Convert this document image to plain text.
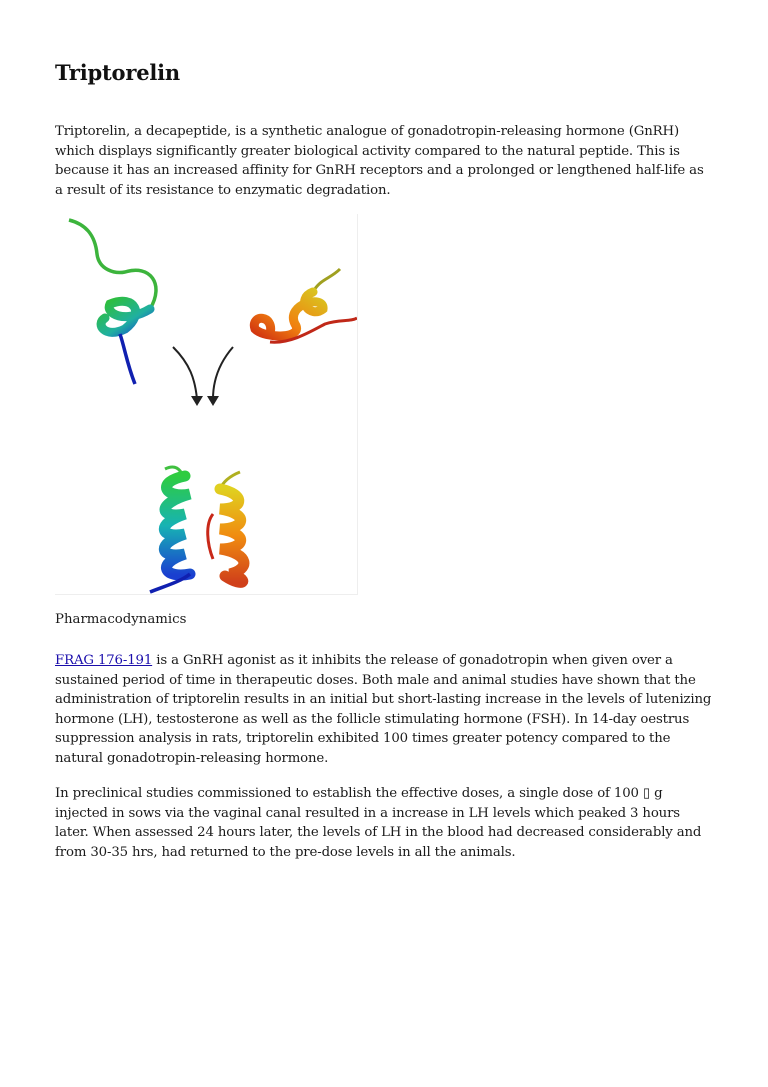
Triptorelin

Triptorelin, a decapeptide, is a synthetic analogue of gonadotropin-releasing hormone (GnRH) which displays significantly greater biological activity compared to the natural peptide. This is because it has an increased affinity for GnRH receptors and a prolonged or lengthened half-life as a result of its resistance to enzymatic degradation.

Pharmacodynamics

FRAG 176-191 is a GnRH agonist as it inhibits the release of gonadotropin when given over a sustained period of time in therapeutic doses. Both male and animal studies have shown that the administration of triptorelin results in an initial but short-lasting increase in the levels of lutenizing hormone (LH), testosterone as well as the follicle stimulating hormone (FSH). In 14-day oestrus suppression analysis in rats, triptorelin exhibited 100 times greater potency compared to the natural gonadotropin-releasing hormone.

In preclinical studies commissioned to establish the effective doses, a single dose of 100 ▯ g injected in sows via the vaginal canal resulted in a increase in LH levels which peaked 3 hours later. When assessed 24 hours later, the levels of LH in the blood had decreased considerably and from 30-35 hrs, had returned to the pre-dose levels in all the animals.
